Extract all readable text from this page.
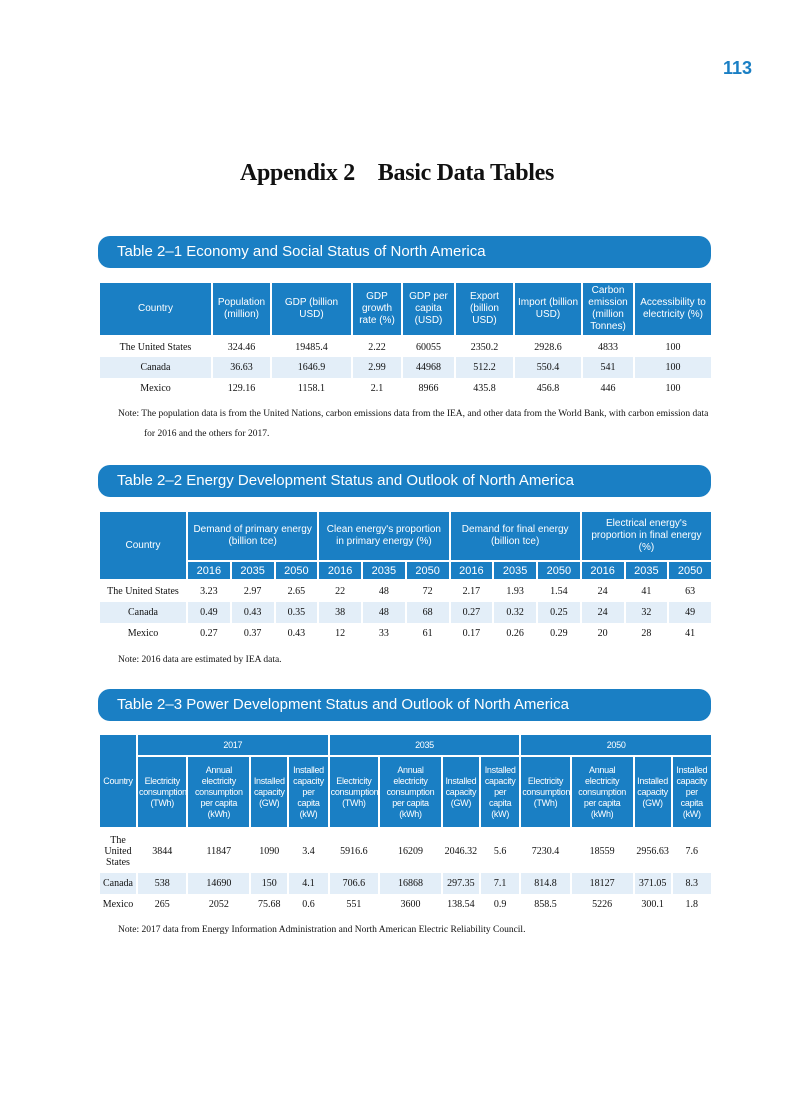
113
Appendix 2    Basic Data Tables
Table 2–1 Economy and Social Status of North America
Country	Population (million)	GDP (billion USD)	GDP growth rate (%)	GDP per capita (USD)	Export (billion USD)	Import (billion USD)	Carbon emission (million Tonnes)	Accessibility to electricity (%)
The United States	324.46	19485.4	2.22	60055	2350.2	2928.6	4833	100
Canada	36.63	1646.9	2.99	44968	512.2	550.4	541	100
Mexico	129.16	1158.1	2.1	8966	435.8	456.8	446	100
Note: The population data is from the United Nations, carbon emissions data from the IEA, and other data from the World Bank, with carbon emission data for 2016 and the others for 2017.
Table 2–2 Energy Development Status and Outlook of North America
Country	Demand of primary energy (billion tce)			Clean energy's proportion in primary energy (%)			Demand for final energy (billion tce)			Electrical energy's proportion in final energy (%)		
	2016	2035	2050	2016	2035	2050	2016	2035	2050	2016	2035	2050
The United States	3.23	2.97	2.65	22	48	72	2.17	1.93	1.54	24	41	63
Canada	0.49	0.43	0.35	38	48	68	0.27	0.32	0.25	24	32	49
Mexico	0.27	0.37	0.43	12	33	61	0.17	0.26	0.29	20	28	41
Note: 2016 data are estimated by IEA data.
Table 2–3 Power Development Status and Outlook of North America
Country	2017				2035				2050			
	Electricity consumption (TWh)	Annual electricity consumption per capita (kWh)	Installed capacity (GW)	Installed capacity per capita (kW)	Electricity consumption (TWh)	Annual electricity consumption per capita (kWh)	Installed capacity (GW)	Installed capacity per capita (kW)	Electricity consumption (TWh)	Annual electricity consumption per capita (kWh)	Installed capacity (GW)	Installed capacity per capita (kW)
The United States	3844	11847	1090	3.4	5916.6	16209	2046.32	5.6	7230.4	18559	2956.63	7.6
Canada	538	14690	150	4.1	706.6	16868	297.35	7.1	814.8	18127	371.05	8.3
Mexico	265	2052	75.68	0.6	551	3600	138.54	0.9	858.5	5226	300.1	1.8
Note: 2017 data from Energy Information Administration and North American Electric Reliability Council.
